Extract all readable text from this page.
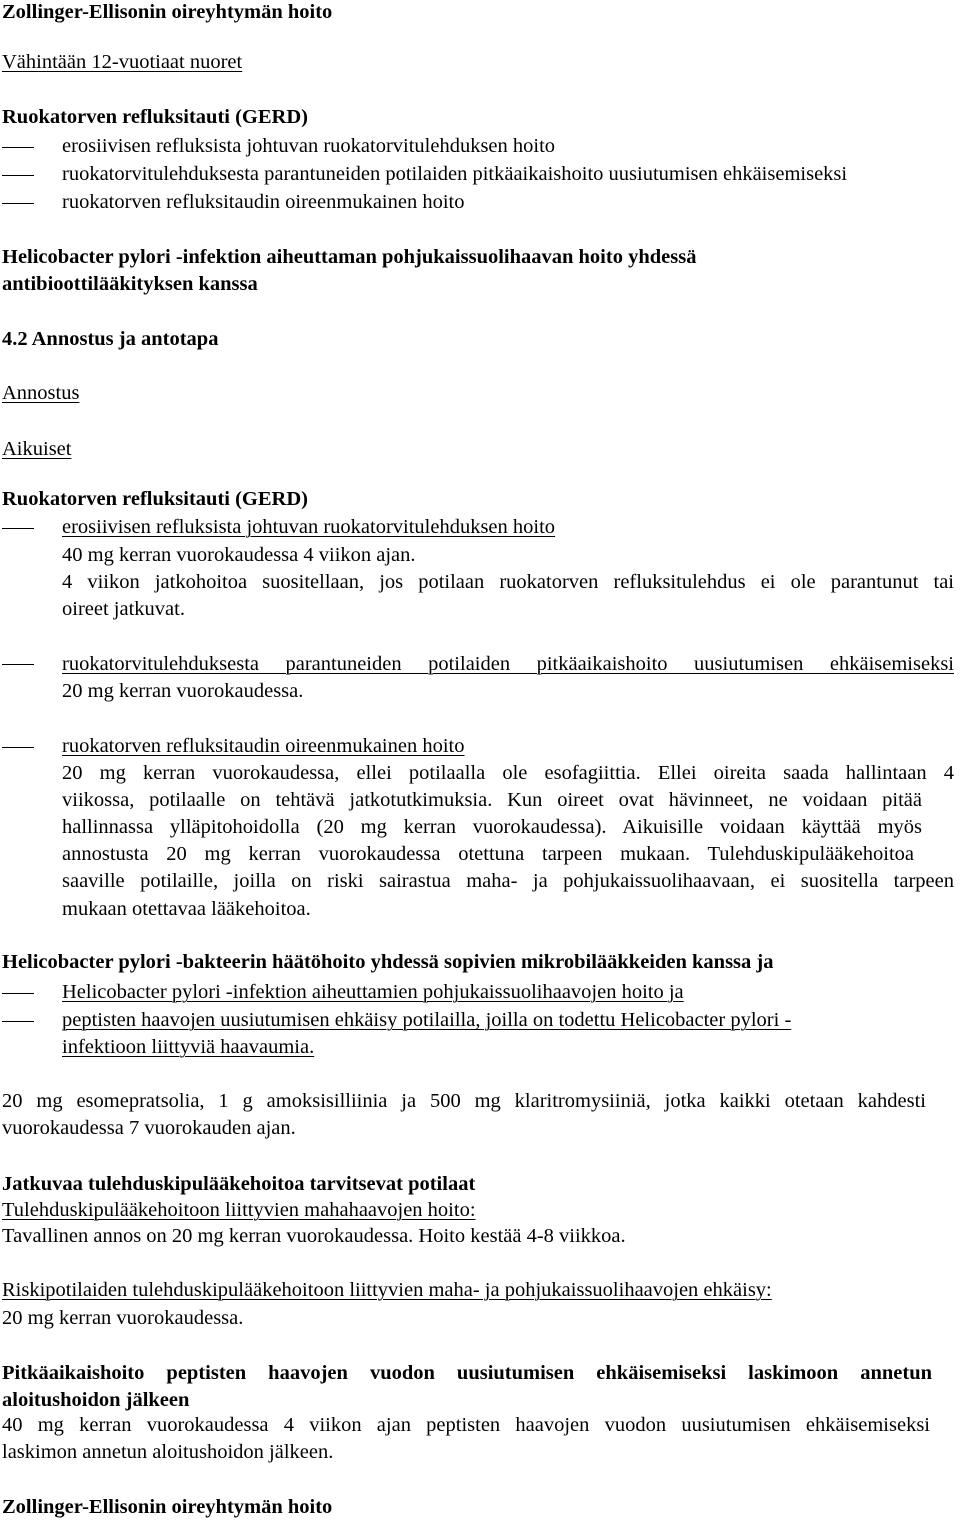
Zollinger-Ellisonin oireyhtymän hoito
Vähintään 12-vuotiaat nuoret
Ruokatorven refluksitauti (GERD)
erosiivisen refluksista johtuvan ruokatorvitulehduksen hoito
ruokatorvitulehduksesta parantuneiden potilaiden pitkäaikaishoito uusiutumisen ehkäisemiseksi
ruokatorven refluksitaudin oireenmukainen hoito
Helicobacter pylori -infektion aiheuttaman pohjukaissuolihaavan hoito yhdessä
antibioottilääkityksen kanssa
4.2 Annostus ja antotapa
Annostus
Aikuiset
Ruokatorven refluksitauti (GERD)
erosiivisen refluksista johtuvan ruokatorvitulehduksen hoito
40 mg kerran vuorokaudessa 4 viikon ajan.
4 viikon jatkohoitoa suositellaan, jos potilaan ruokatorven refluksitulehdus ei ole parantunut tai
oireet jatkuvat.
ruokatorvitulehduksesta parantuneiden potilaiden pitkäaikaishoito uusiutumisen ehkäisemiseksi
20 mg kerran vuorokaudessa.
ruokatorven refluksitaudin oireenmukainen hoito
20 mg kerran vuorokaudessa, ellei potilaalla ole esofagiittia. Ellei oireita saada hallintaan 4
viikossa, potilaalle on tehtävä jatkotutkimuksia. Kun oireet ovat hävinneet, ne voidaan pitää
hallinnassa ylläpitohoidolla (20 mg kerran vuorokaudessa). Aikuisille voidaan käyttää myös
annostusta 20 mg kerran vuorokaudessa otettuna tarpeen mukaan. Tulehduskipulääkehoitoa
saaville potilaille, joilla on riski sairastua maha- ja pohjukaissuolihaavaan, ei suositella tarpeen
mukaan otettavaa lääkehoitoa.
Helicobacter pylori -bakteerin häätöhoito yhdessä sopivien mikrobilääkkeiden kanssa ja
Helicobacter pylori -infektion aiheuttamien pohjukaissuolihaavojen hoito ja
peptisten haavojen uusiutumisen ehkäisy potilailla, joilla on todettu Helicobacter pylori -
infektioon liittyviä haavaumia.
20 mg esomepratsolia, 1 g amoksisilliinia ja 500 mg klaritromysiiniä, jotka kaikki otetaan kahdesti
vuorokaudessa 7 vuorokauden ajan.
Jatkuvaa tulehduskipulääkehoitoa tarvitsevat potilaat
Tulehduskipulääkehoitoon liittyvien mahahaavojen hoito:
Tavallinen annos on 20 mg kerran vuorokaudessa. Hoito kestää 4-8 viikkoa.
Riskipotilaiden tulehduskipulääkehoitoon liittyvien maha- ja pohjukaissuolihaavojen ehkäisy:
20 mg kerran vuorokaudessa.
Pitkäaikaishoito peptisten haavojen vuodon uusiutumisen ehkäisemiseksi laskimoon annetun
aloitushoidon jälkeen
40 mg kerran vuorokaudessa 4 viikon ajan peptisten haavojen vuodon uusiutumisen ehkäisemiseksi
laskimon annetun aloitushoidon jälkeen.
Zollinger-Ellisonin oireyhtymän hoito
